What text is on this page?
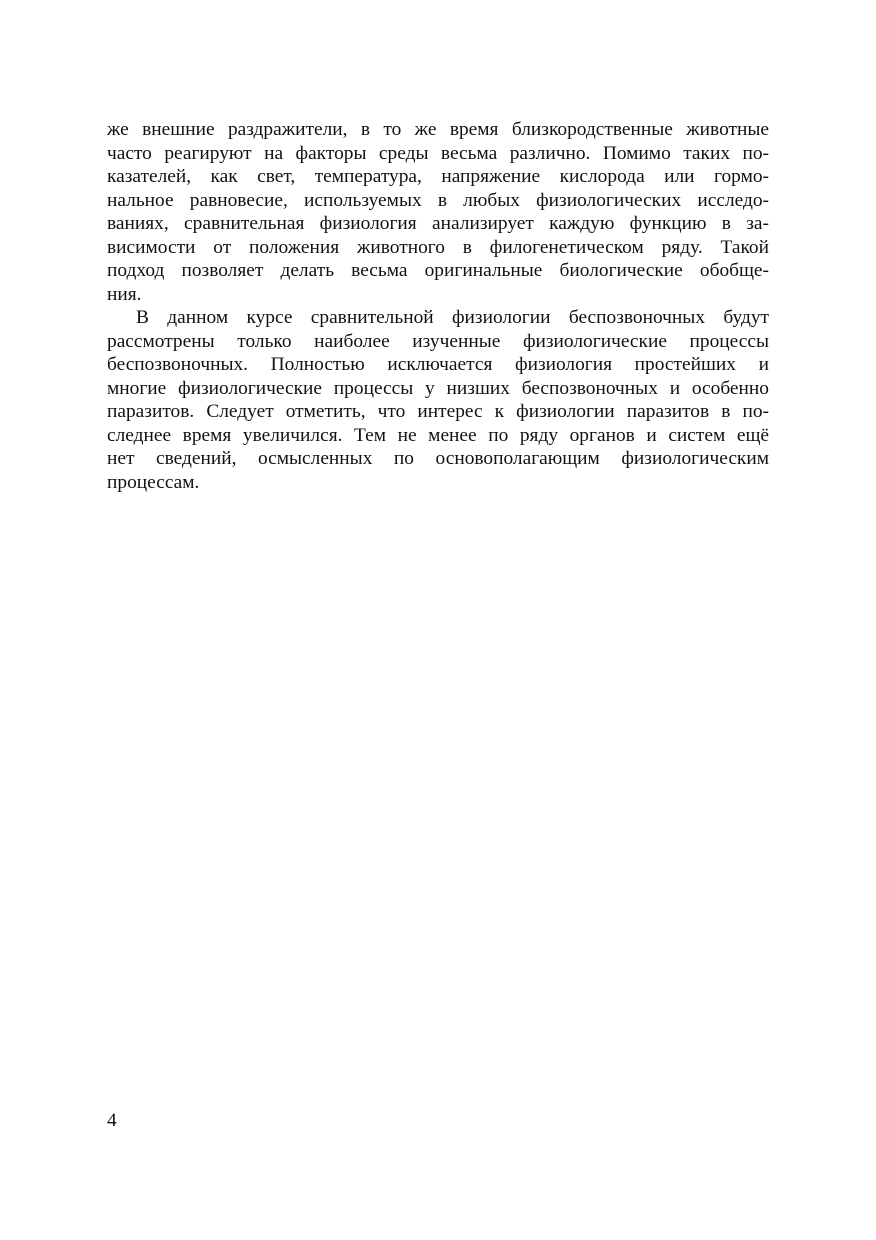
же внешние раздражители, в то же время близкородственные животные
часто реагируют на факторы среды весьма различно. Помимо таких по-
казателей, как свет, температура, напряжение кислорода или гормо-
нальное равновесие, используемых в любых физиологических исследо-
ваниях, сравнительная физиология анализирует каждую функцию в за-
висимости от положения животного в филогенетическом ряду. Такой
подход позволяет делать весьма оригинальные биологические обобще-
ния.
В данном курсе сравнительной физиологии беспозвоночных будут
рассмотрены только наиболее изученные физиологические процессы
беспозвоночных. Полностью исключается физиология простейших и
многие физиологические процессы у низших беспозвоночных и особенно
паразитов. Следует отметить, что интерес к физиологии паразитов в по-
следнее время увеличился. Тем не менее по ряду органов и систем ещё
нет сведений, осмысленных по основополагающим физиологическим
процессам.
4
